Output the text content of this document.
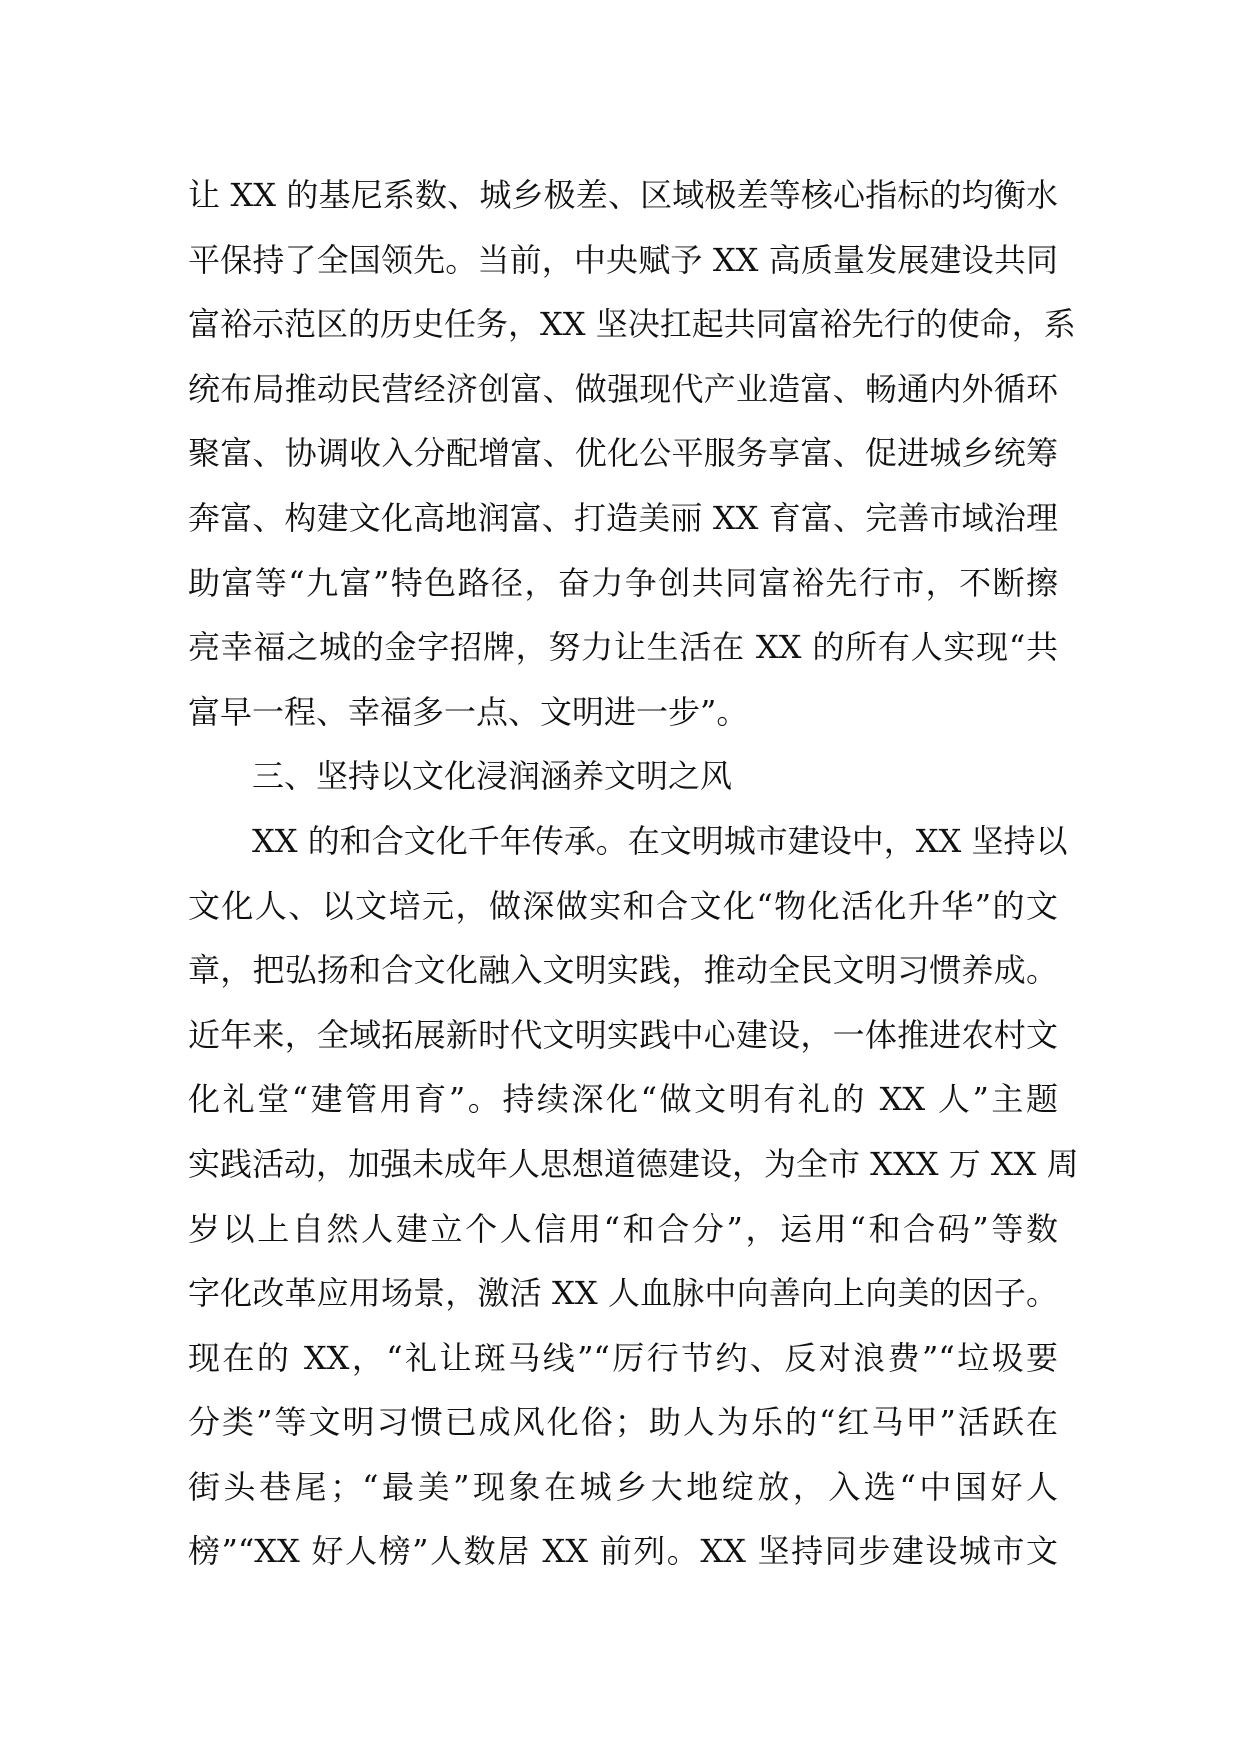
让 XX 的基尼系数、城乡极差、区域极差等核心指标的均衡水
平保持了全国领先。当前，中央赋予 XX 高质量发展建设共同
富裕示范区的历史任务，XX 坚决扛起共同富裕先行的使命，系
统布局推动民营经济创富、做强现代产业造富、畅通内外循环
聚富、协调收入分配增富、优化公平服务享富、促进城乡统筹
奔富、构建文化高地润富、打造美丽 XX 育富、完善市域治理
助富等“九富”特色路径，奋力争创共同富裕先行市，不断擦
亮幸福之城的金字招牌，努力让生活在 XX 的所有人实现“共
富早一程、幸福多一点、文明进一步”。
三、坚持以文化浸润涵养文明之风
XX 的和合文化千年传承。在文明城市建设中，XX 坚持以
文化人、以文培元，做深做实和合文化“物化活化升华”的文
章，把弘扬和合文化融入文明实践，推动全民文明习惯养成。
近年来，全域拓展新时代文明实践中心建设，一体推进农村文
化礼堂“建管用育”。持续深化“做文明有礼的 XX 人”主题
实践活动，加强未成年人思想道德建设，为全市 XXX 万 XX 周
岁以上自然人建立个人信用“和合分”，运用“和合码”等数
字化改革应用场景，激活 XX 人血脉中向善向上向美的因子。
现在的 XX，“礼让斑马线”“厉行节约、反对浪费”“垃圾要
分类”等文明习惯已成风化俗；助人为乐的“红马甲”活跃在
街头巷尾；“最美”现象在城乡大地绽放，入选“中国好人
榜”“XX 好人榜”人数居 XX 前列。XX 坚持同步建设城市文
